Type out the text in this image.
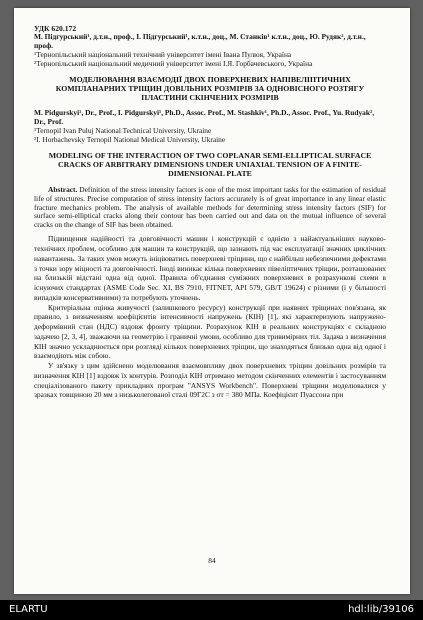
УДК 620.172
М. Підгурський¹, д.т.н., проф., І. Підгурський¹, к.т.н., доц., М. Станків¹ к.т.н., доц., Ю. Рудяк², д.т.н., проф.
¹Тернопільський національний технічний університет імені Івана Пулюя, Україна
²Тернопільський національний медичний університет імені І.Я. Горбачевського, Україна
МОДЕЛЮВАННЯ ВЗАЄМОДІЇ ДВОХ ПОВЕРХНЕВИХ НАПІВЕЛІПТИЧНИХ КОМПЛАНАРНИХ ТРІЩИН ДОВІЛЬНИХ РОЗМІРІВ ЗА ОДНОВІСНОГО РОЗТЯГУ ПЛАСТИНИ СКІНЧЕНИХ РОЗМІРІВ
M. Pidgurskyi¹, Dr., Prof., I. Pidgurskyi¹, Ph.D., Assoc. Prof., M. Stashkiv¹, Ph.D., Assoc. Prof., Yu. Rudyak², Dr., Prof.
¹Ternopil Ivan Puluj National Technical University, Ukraine
²I. Horbachevsky Ternopil National Medical University, Ukraine
MODELING OF THE INTERACTION OF TWO COPLANAR SEMI-ELLIPTICAL SURFACE CRACKS OF ARBITRARY DIMENSIONS UNDER UNIAXIAL TENSION OF A FINITE-DIMENSIONAL PLATE
Abstract. Definition of the stress intensity factors is one of the most important tasks for the estimation of residual life of structures. Precise computation of stress intensity factors accurately is of great importance in any linear elastic fracture mechanics problem. The analysis of available methods for determining stress intensity factors (SIF) for surface semi-elliptical cracks along their contour has been carried out and data on the mutual influence of several cracks on the change of SIF has been obtained.

Підвищення надійності та довговічності машин і конструкцій є однією з найактуальніших науково-технічних проблем, особливо для машин та конструкцій, що зазнають під час експлуатації значних циклічних навантажень. За таких умов можуть ініціюватись поверхневі тріщини, що є найбільш небезпечними дефектами з точки зору міцності та довговічності. Іноді виникає кілька поверхневих півеліптичних тріщин, розташованих на близькій відстані одна від одної. Правила об'єднання суміжних поверхневих в розрахункові схеми в існуючих стандартах (ASME Code Sec. XI, BS 7910, FITNET, API 579, GB/T 19624) є різними (і у більшості випадків консервативними) та потребують уточнень.

Критеріальна оцінка живучості (залишкового ресурсу) конструкції при наявних тріщинах пов'язана, як правило, з визначенням коефіцієнтів інтенсивності напружень (КІН) [1], які характеризують напружено-деформівний стан (НДС) вздовж фронту тріщини. Розрахунок КІН в реальних конструкціях є складною задачею [2, 3, 4], зважаючи на геометрію і граничні умови, особливо для тривимірних тіл. Задача з визначення КІН значно ускладнюється при розгляді кількох поверхневих тріщин, що знаходяться близько одна від одної і взаємодіють між собою.

У зв'язку з цим здійснено моделювання взаємовпливу двох поверхневих тріщин довільних розмірів та визначення КІН [1] вздовж їх контурів. Розподіл КІН отримано методом скінченних елементів і застосуванням спеціалізованого пакету прикладних програм "ANSYS Workbench". Поверхневі тріщини моделювалися у зразках товщиною 20 мм з низьколегованої сталі 09Г2С з σт = 380 МПа. Коефіцієнт Пуассона при

84
ELARTU	hdl:lib/39106
